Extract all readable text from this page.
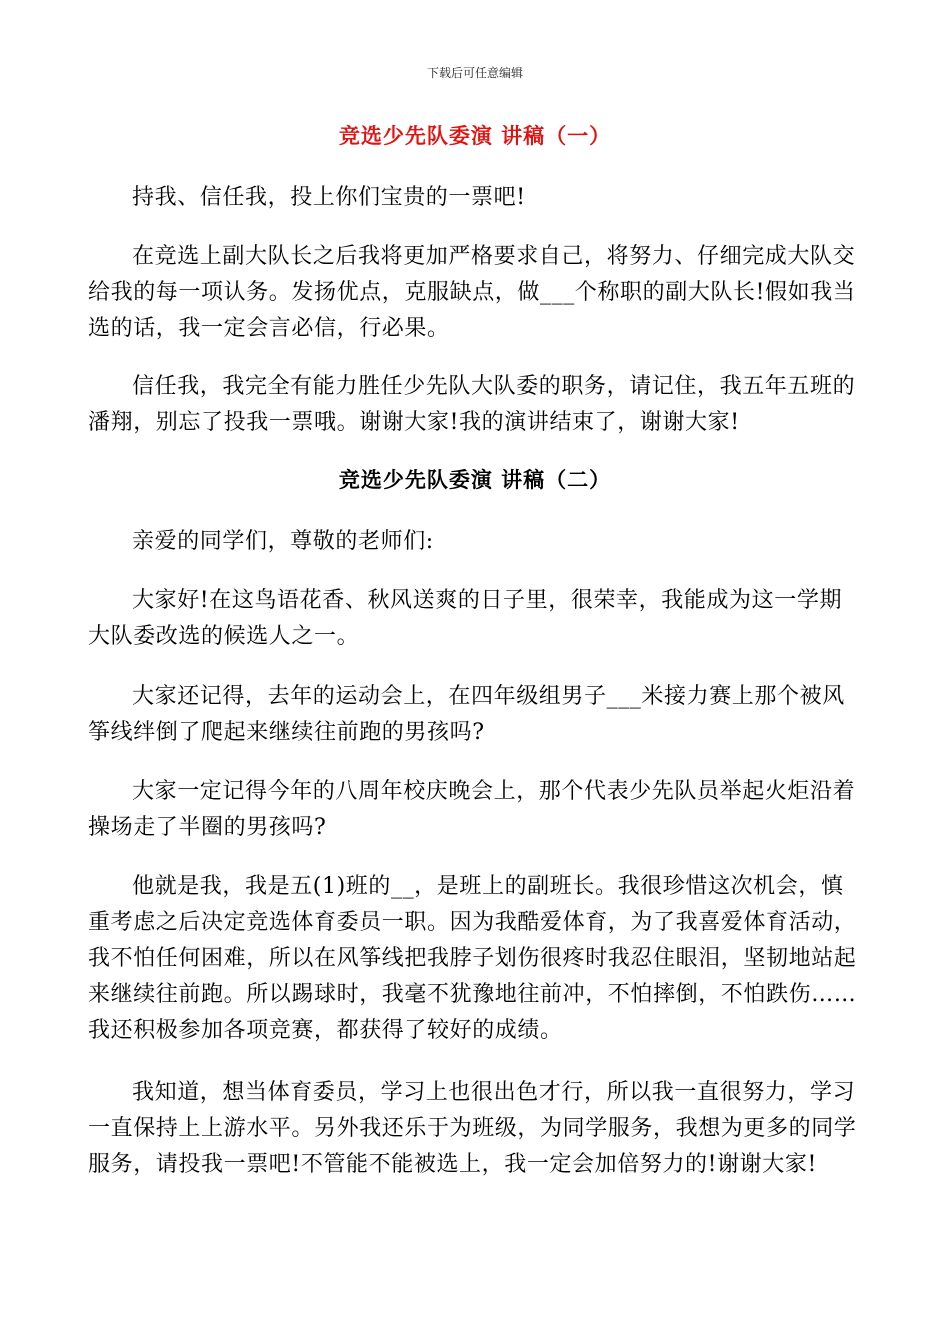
下载后可任意编辑
竞选少先队委演 讲稿（一）

持我、信任我，投上你们宝贵的一票吧!

在竞选上副大队长之后我将更加严格要求自己，将努力、仔细完成大队交给我的每一项认务。发扬优点，克服缺点，做___个称职的副大队长!假如我当选的话，我一定会言必信，行必果。

信任我，我完全有能力胜任少先队大队委的职务，请记住，我五年五班的潘翔，别忘了投我一票哦。谢谢大家!我的演讲结束了，谢谢大家!

竞选少先队委演 讲稿（二）

亲爱的同学们，尊敬的老师们:

大家好!在这鸟语花香、秋风送爽的日子里，很荣幸，我能成为这一学期大队委改选的候选人之一。

大家还记得，去年的运动会上，在四年级组男子___米接力赛上那个被风筝线绊倒了爬起来继续往前跑的男孩吗?

大家一定记得今年的八周年校庆晚会上，那个代表少先队员举起火炬沿着操场走了半圈的男孩吗?

他就是我，我是五(1)班的__，是班上的副班长。我很珍惜这次机会，慎重考虑之后决定竞选体育委员一职。因为我酷爱体育，为了我喜爱体育活动，我不怕任何困难，所以在风筝线把我脖子划伤很疼时我忍住眼泪，坚韧地站起来继续往前跑。所以踢球时，我毫不犹豫地往前冲，不怕摔倒，不怕跌伤……我还积极参加各项竞赛，都获得了较好的成绩。

我知道，想当体育委员，学习上也很出色才行，所以我一直很努力，学习一直保持上上游水平。另外我还乐于为班级，为同学服务，我想为更多的同学服务，请投我一票吧!不管能不能被选上，我一定会加倍努力的!谢谢大家!
